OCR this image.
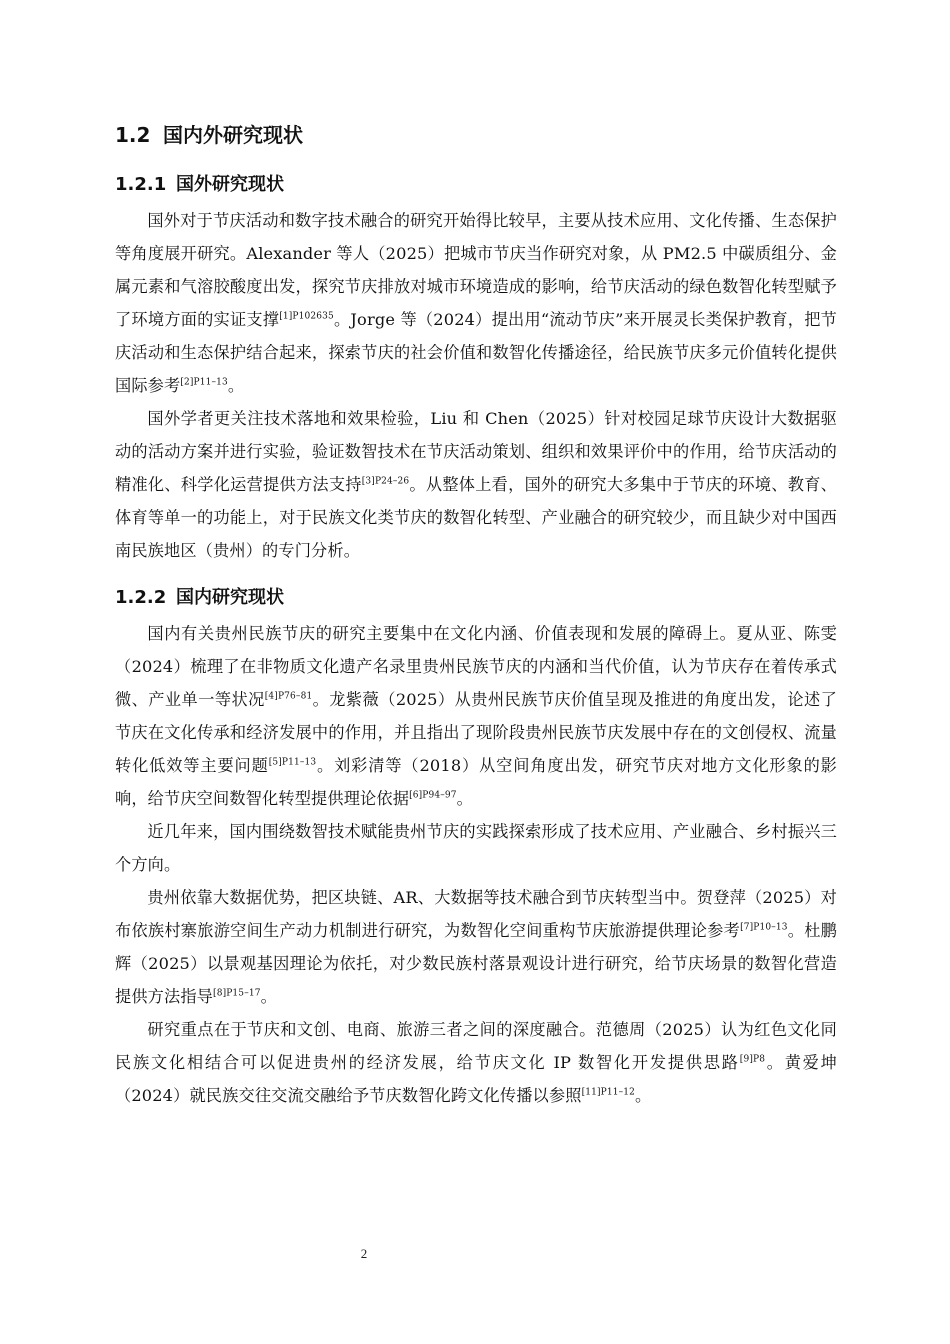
1.2 国内外研究现状
1.2.1 国外研究现状

国外对于节庆活动和数字技术融合的研究开始得比较早，主要从技术应用、文化传播、生态保护等角度展开研究。Alexander 等人（2025）把城市节庆当作研究对象，从 PM2.5 中碳质组分、金属元素和气溶胶酸度出发，探究节庆排放对城市环境造成的影响，给节庆活动的绿色数智化转型赋予了环境方面的实证支撑$^{[1]P102635}$。Jorge 等（2024）提出用“流动节庆”来开展灵长类保护教育，把节庆活动和生态保护结合起来，探索节庆的社会价值和数智化传播途径，给民族节庆多元价值转化提供国际参考$^{[2]P11-13}$。

国外学者更关注技术落地和效果检验，Liu 和 Chen（2025）针对校园足球节庆设计大数据驱动的活动方案并进行实验，验证数智技术在节庆活动策划、组织和效果评价中的作用，给节庆活动的精准化、科学化运营提供方法支持$^{[3]P24-26}$。从整体上看，国外的研究大多集中于节庆的环境、教育、体育等单一的功能上，对于民族文化类节庆的数智化转型、产业融合的研究较少，而且缺少对中国西南民族地区（贵州）的专门分析。

1.2.2 国内研究现状

国内有关贵州民族节庆的研究主要集中在文化内涵、价值表现和发展的障碍上。夏从亚、陈雯（2024）梳理了在非物质文化遗产名录里贵州民族节庆的内涵和当代价值，认为节庆存在着传承式微、产业单一等状况$^{[4]P76-81}$。龙紫薇（2025）从贵州民族节庆价值呈现及推进的角度出发，论述了节庆在文化传承和经济发展中的作用，并且指出了现阶段贵州民族节庆发展中存在的文创侵权、流量转化低效等主要问题$^{[5]P11-13}$。刘彩清等（2018）从空间角度出发，研究节庆对地方文化形象的影响，给节庆空间数智化转型提供理论依据$^{[6]P94-97}$。

近几年来，国内围绕数智技术赋能贵州节庆的实践探索形成了技术应用、产业融合、乡村振兴三个方向。

贵州依靠大数据优势，把区块链、AR、大数据等技术融合到节庆转型当中。贺登萍（2025）对布依族村寨旅游空间生产动力机制进行研究，为数智化空间重构节庆旅游提供理论参考$^{[7]P10-13}$。杜鹏辉（2025）以景观基因理论为依托，对少数民族村落景观设计进行研究，给节庆场景的数智化营造提供方法指导$^{[8]P15-17}$。

研究重点在于节庆和文创、电商、旅游三者之间的深度融合。范德周（2025）认为红色文化同民族文化相结合可以促进贵州的经济发展，给节庆文化 IP 数智化开发提供思路$^{[9]P8}$。黄爱坤（2024）就民族交往交流交融给予节庆数智化跨文化传播以参照$^{[11]P11-12}$。

2
